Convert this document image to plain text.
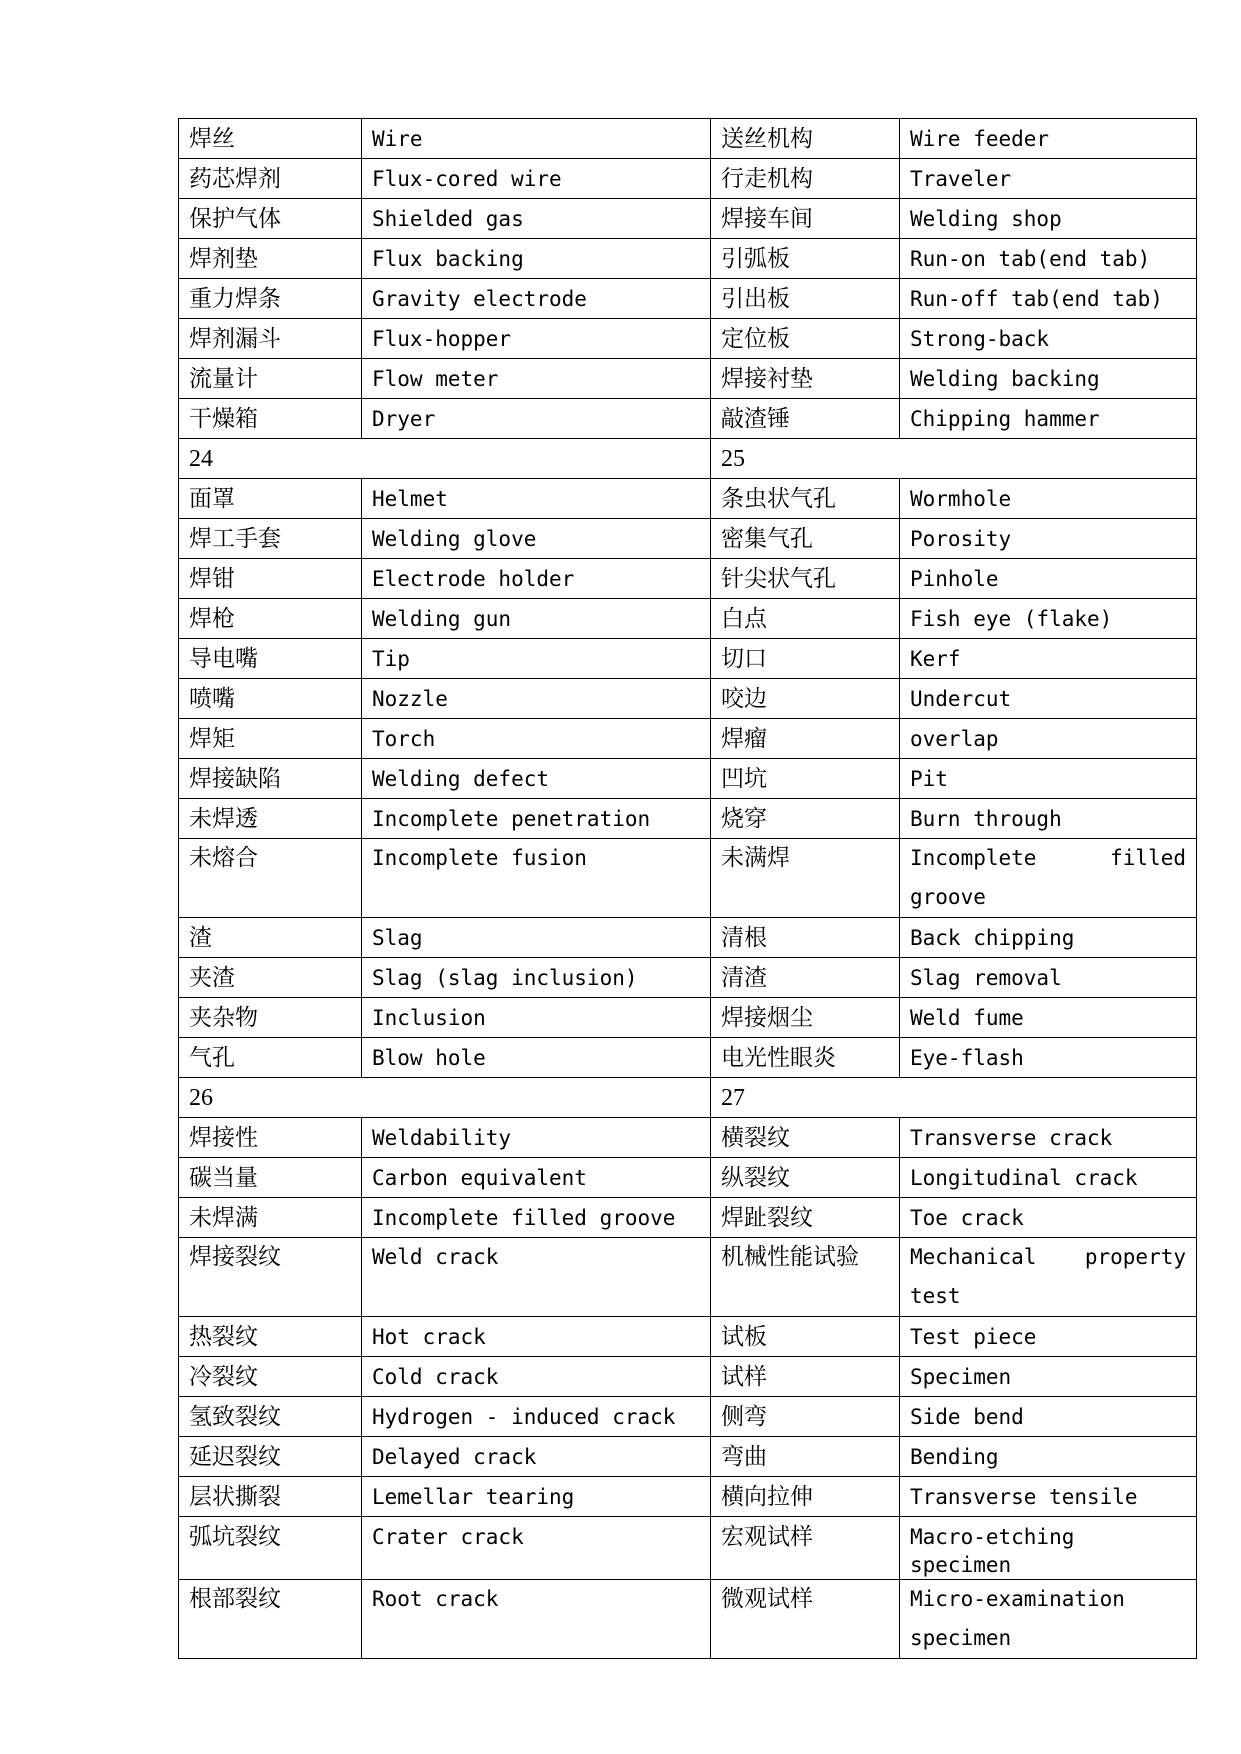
焊丝	Wire	送丝机构	Wire feeder
药芯焊剂	Flux-cored wire	行走机构	Traveler
保护气体	Shielded gas	焊接车间	Welding shop
焊剂垫	Flux backing	引弧板	Run-on tab(end tab)
重力焊条	Gravity electrode	引出板	Run-off tab(end tab)
焊剂漏斗	Flux-hopper	定位板	Strong-back
流量计	Flow meter	焊接衬垫	Welding backing
干燥箱	Dryer	敲渣锤	Chipping hammer
24		25	
面罩	Helmet	条虫状气孔	Wormhole
焊工手套	Welding glove	密集气孔	Porosity
焊钳	Electrode holder	针尖状气孔	Pinhole
焊枪	Welding gun	白点	Fish eye (flake)
导电嘴	Tip	切口	Kerf
喷嘴	Nozzle	咬边	Undercut
焊矩	Torch	焊瘤	overlap
焊接缺陷	Welding defect	凹坑	Pit
未焊透	Incomplete penetration	烧穿	Burn through
未熔合	Incomplete fusion	未满焊	Incomplete filled
groove

渣	Slag	清根	Back chipping
夹渣	Slag (slag inclusion)	清渣	Slag removal
夹杂物	Inclusion	焊接烟尘	Weld fume
气孔	Blow hole	电光性眼炎	Eye-flash
26		27	
焊接性	Weldability	横裂纹	Transverse crack
碳当量	Carbon equivalent	纵裂纹	Longitudinal crack
未焊满	Incomplete filled groove	焊趾裂纹	Toe crack
焊接裂纹	Weld crack	机械性能试验	Mechanical property
test

热裂纹	Hot crack	试板	Test piece
冷裂纹	Cold crack	试样	Specimen
氢致裂纹	Hydrogen - induced crack	侧弯	Side bend
延迟裂纹	Delayed crack	弯曲	Bending
层状撕裂	Lemellar tearing	横向拉伸	Transverse tensile
弧坑裂纹	Crater crack	宏观试样	Macro-etching specimen
根部裂纹	Root crack	微观试样	Micro-examination
specimen
